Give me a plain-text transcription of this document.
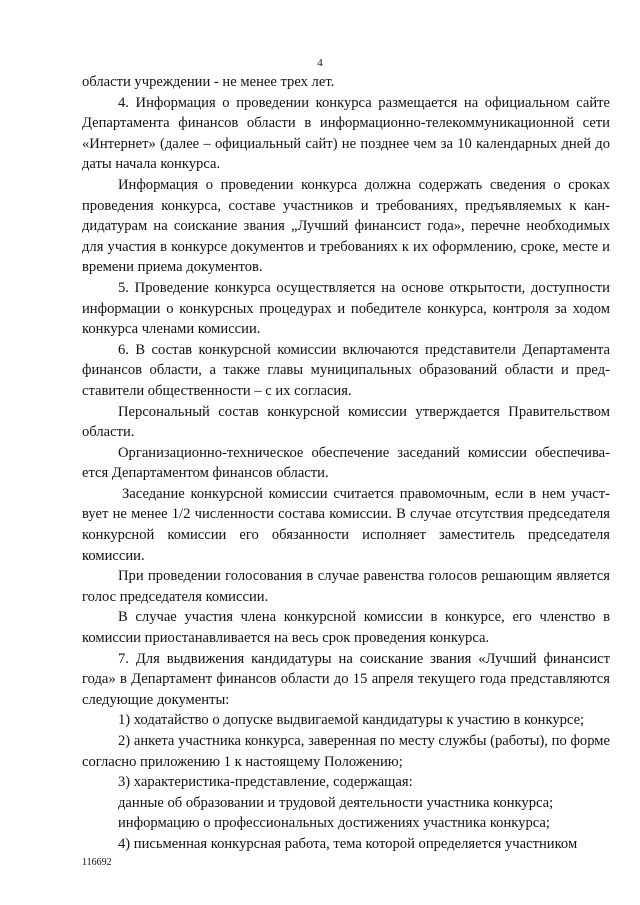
4

области учреждении - не менее трех лет.

4. Информация о проведении конкурса размещается на официальном сайте Департамента финансов области в информационно-телекоммуникационной сети «Интернет» (далее – официальный сайт) не позднее чем за 10 календарных дней до даты начала конкурса.

Информация о проведении конкурса должна содержать сведения о сроках проведения конкурса, составе участников и требованиях, предъявляемых к кандидатурам на соискание звания „Лучший финансист года», перечне необходимых для участия в конкурсе документов и требованиях к их оформлению, сроке, месте и времени приема документов.

5. Проведение конкурса осуществляется на основе открытости, доступности информации о конкурсных процедурах и победителе конкурса, контроля за ходом конкурса членами комиссии.

6. В состав конкурсной комиссии включаются представители Департамента финансов области, а также главы муниципальных образований области и представители общественности – с их согласия.

Персональный состав конкурсной комиссии утверждается Правительством области.

Организационно-техническое обеспечение заседаний комиссии обеспечивается Департаментом финансов области.

Заседание конкурсной комиссии считается правомочным, если в нем участвует не менее 1/2 численности состава комиссии. В случае отсутствия председателя конкурсной комиссии его обязанности исполняет заместитель председателя комиссии.

При проведении голосования в случае равенства голосов решающим является голос председателя комиссии.

В случае участия члена конкурсной комиссии в конкурсе, его членство в комиссии приостанавливается на весь срок проведения конкурса.

7. Для выдвижения кандидатуры на соискание звания «Лучший финансист года» в Департамент финансов области до 15 апреля текущего года представляются следующие документы:

1) ходатайство о допуске выдвигаемой кандидатуры к участию в конкурсе;

2) анкета участника конкурса, заверенная по месту службы (работы), по форме согласно приложению 1 к настоящему Положению;

3) характеристика-представление, содержащая:

данные об образовании и трудовой деятельности участника конкурса;

информацию о профессиональных достижениях участника конкурса;

4) письменная конкурсная работа, тема которой определяется участником

116692
